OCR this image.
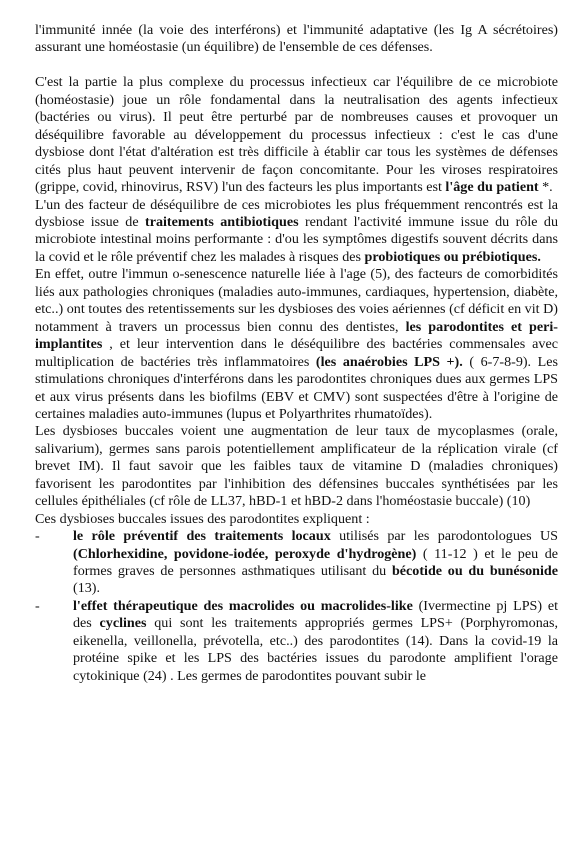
l'immunité innée (la voie des interférons) et l'immunité adaptative (les Ig A sécrétoires) assurant une homéostasie (un équilibre) de l'ensemble de ces défenses.

C'est la partie la plus complexe du processus infectieux car l'équilibre de ce microbiote (homéostasie) joue un rôle fondamental dans la neutralisation des agents infectieux (bactéries ou virus). Il peut être perturbé par de nombreuses causes et provoquer un déséquilibre favorable au développement du processus infectieux : c'est le cas d'une dysbiose dont l'état d'altération est très difficile à établir car tous les systèmes de défenses cités plus haut peuvent intervenir de façon concomitante. Pour les viroses respiratoires (grippe, covid, rhinovirus, RSV) l'un des facteurs les plus importants est l'âge du patient *.

L'un des facteur de déséquilibre de ces microbiotes les plus fréquemment rencontrés est la dysbiose issue de traitements antibiotiques rendant l'activité immune issue du rôle du microbiote intestinal moins performante : d'ou les symptômes digestifs souvent décrits dans la covid et le rôle préventif chez les malades à risques des probiotiques ou prébiotiques.

En effet, outre l'immun o-senescence naturelle liée à l'age (5), des facteurs de comorbidités liés aux pathologies chroniques (maladies auto-immunes, cardiaques, hypertension, diabète, etc..) ont toutes des retentissements sur les dysbioses des voies aériennes (cf déficit en vit D) notamment à travers un processus bien connu des dentistes, les parodontites et peri-implantites , et leur intervention dans le déséquilibre des bactéries commensales avec multiplication de bactéries très inflammatoires (les anaérobies LPS +). ( 6-7-8-9). Les stimulations chroniques d'interférons dans les parodontites chroniques dues aux germes LPS et aux virus présents dans les biofilms (EBV et CMV) sont suspectées d'être à l'origine de certaines maladies auto-immunes (lupus et Polyarthrites rhumatoïdes).

Les dysbioses buccales voient une augmentation de leur taux de mycoplasmes (orale, salivarium), germes sans parois potentiellement amplificateur de la réplication virale (cf brevet IM). Il faut savoir que les faibles taux de vitamine D (maladies chroniques) favorisent les parodontites par l'inhibition des défensines buccales synthétisées par les cellules épithéliales (cf rôle de LL37, hBD-1 et hBD-2 dans l'homéostasie buccale) (10)

Ces dysbioses buccales issues des parodontites expliquent :

-	le rôle préventif des traitements locaux utilisés par les parodontologues US (Chlorhexidine, povidone-iodée, peroxyde d'hydrogène) ( 11-12 ) et le peu de formes graves de personnes asthmatiques utilisant du bécotide ou du bunésonide (13).
-	l'effet thérapeutique des macrolides ou macrolides-like (Ivermectine pj LPS) et des cyclines qui sont les traitements appropriés germes LPS+ (Porphyromonas, eikenella, veillonella, prévotella, etc..) des parodontites (14). Dans la covid-19 la protéine spike et les LPS des bactéries issues du parodonte amplifient l'orage cytokinique (24) . Les germes de parodontites pouvant subir le
